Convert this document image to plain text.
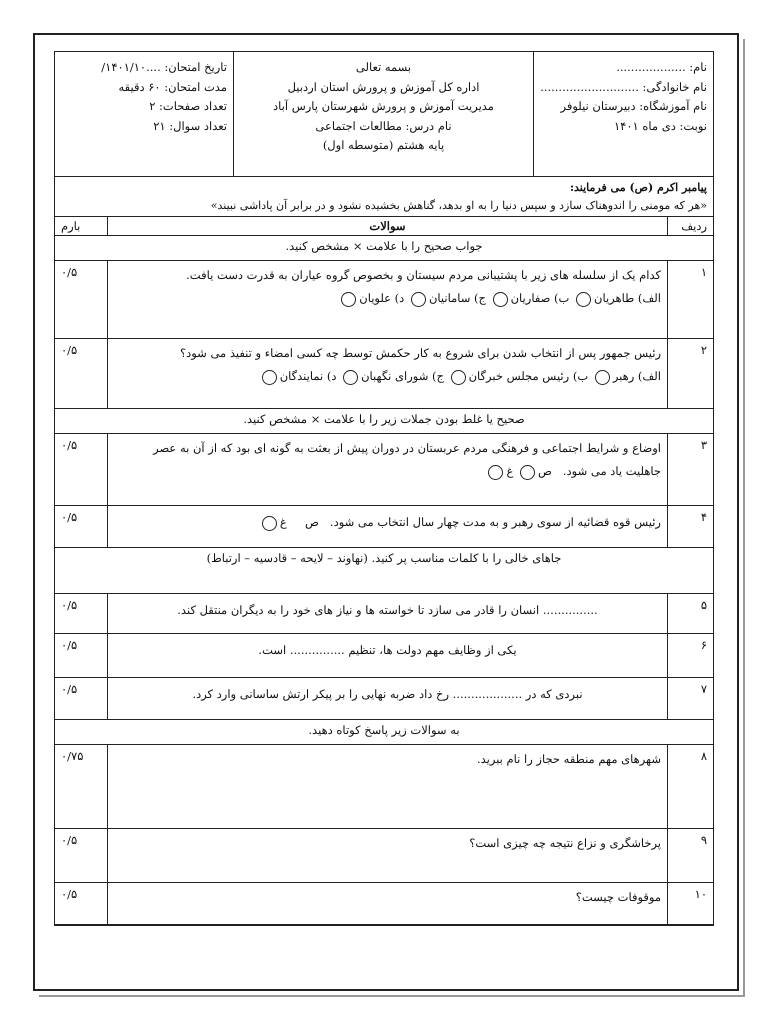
نام: ...................
نام خانوادگی: ...........................
نام آموزشگاه: دبیرستان نیلوفر
نوبت: دی ماه ۱۴۰۱
بسمه تعالی
اداره کل آموزش و پرورش استان اردبیل
مدیریت آموزش و پرورش شهرستان پارس آباد
نام درس: مطالعات اجتماعی
پایه هشتم (متوسطه اول)
تاریخ امتحان: ....۱۴۰۱/۱۰/
مدت امتحان: ۶۰ دقیقه
تعداد صفحات: ۲
تعداد سوال: ۲۱
پیامبر اکرم (ص) می فرمایند:
«هر که مومنی را اندوهناک سازد و سپس دنیا را به او بدهد، گناهش بخشیده نشود و در برابر آن پاداشی نبیند»
ردیف	سوالات	بارم
جواب صحیح را با علامت × مشخص کنید.		
۱	کدام یک از سلسله های زیر با پشتیبانی مردم سیستان و بخصوص گروه عیاران به قدرت دست یافت.
الف) طاهریان ب) صفاریان ج) سامانیان د) علویان	۰/۵
۲	رئیس جمهور پس از انتخاب شدن برای شروع به کار حکمش توسط چه کسی امضاء و تنفیذ می شود؟
الف) رهبر ب) رئیس مجلس خبرگان ج) شورای نگهبان د) نمایندگان	۰/۵
صحیح یا غلط بودن جملات زیر را با علامت × مشخص کنید.		
۳	اوضاع و شرایط اجتماعی و فرهنگی مردم عربستان در دوران پیش از بعثت به گونه ای بود که از آن به عصر
جاهلیت یاد می شود.   ص غ	۰/۵
۴	رئیس قوه قضائیه از سوی رهبر و به مدت چهار سال انتخاب می شود.   ص     غ	۰/۵
جاهای خالی را با کلمات مناسب پر کنید. (نهاوند – لایحه – قادسیه – ارتباط)		
۵	............... انسان را قادر می سازد تا خواسته ها و نیاز های خود را به دیگران منتقل کند.	۰/۵
۶	یکی از وظایف مهم دولت ها، تنظیم ............... است.	۰/۵
۷	نبردی که در ................... رخ داد ضربه نهایی را بر پیکر ارتش ساسانی وارد کرد.	۰/۵
به سوالات زیر پاسخ کوتاه دهید.		
۸	شهرهای مهم منطقه حجاز را نام ببرید.	۰/۷۵
۹	پرخاشگری و نزاع نتیجه چه چیزی است؟	۰/۵
۱۰	موقوفات چیست؟	۰/۵
